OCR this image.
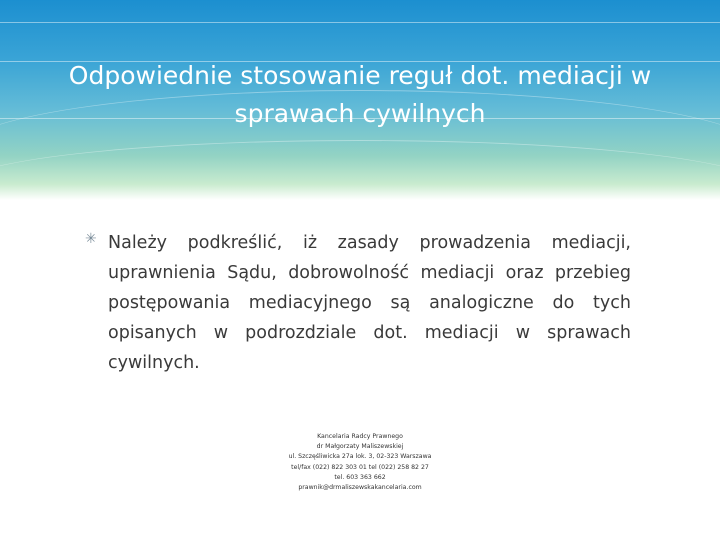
Odpowiednie stosowanie reguł dot. mediacji w sprawach cywilnych
✳ Należy podkreślić, iż zasady prowadzenia mediacji, uprawnienia Sądu, dobrowolność mediacji oraz przebieg postępowania mediacyjnego są analogiczne do tych opisanych w podrozdziale dot. mediacji w sprawach cywilnych.

Kancelaria Radcy Prawnego
dr Małgorzaty Maliszewskiej
ul. Szczęśliwicka 27a lok. 3, 02-323 Warszawa
tel/fax (022) 822 303 01 tel (022) 258 82 27
tel. 603 363 662
prawnik@drmaliszewskakancelaria.com
